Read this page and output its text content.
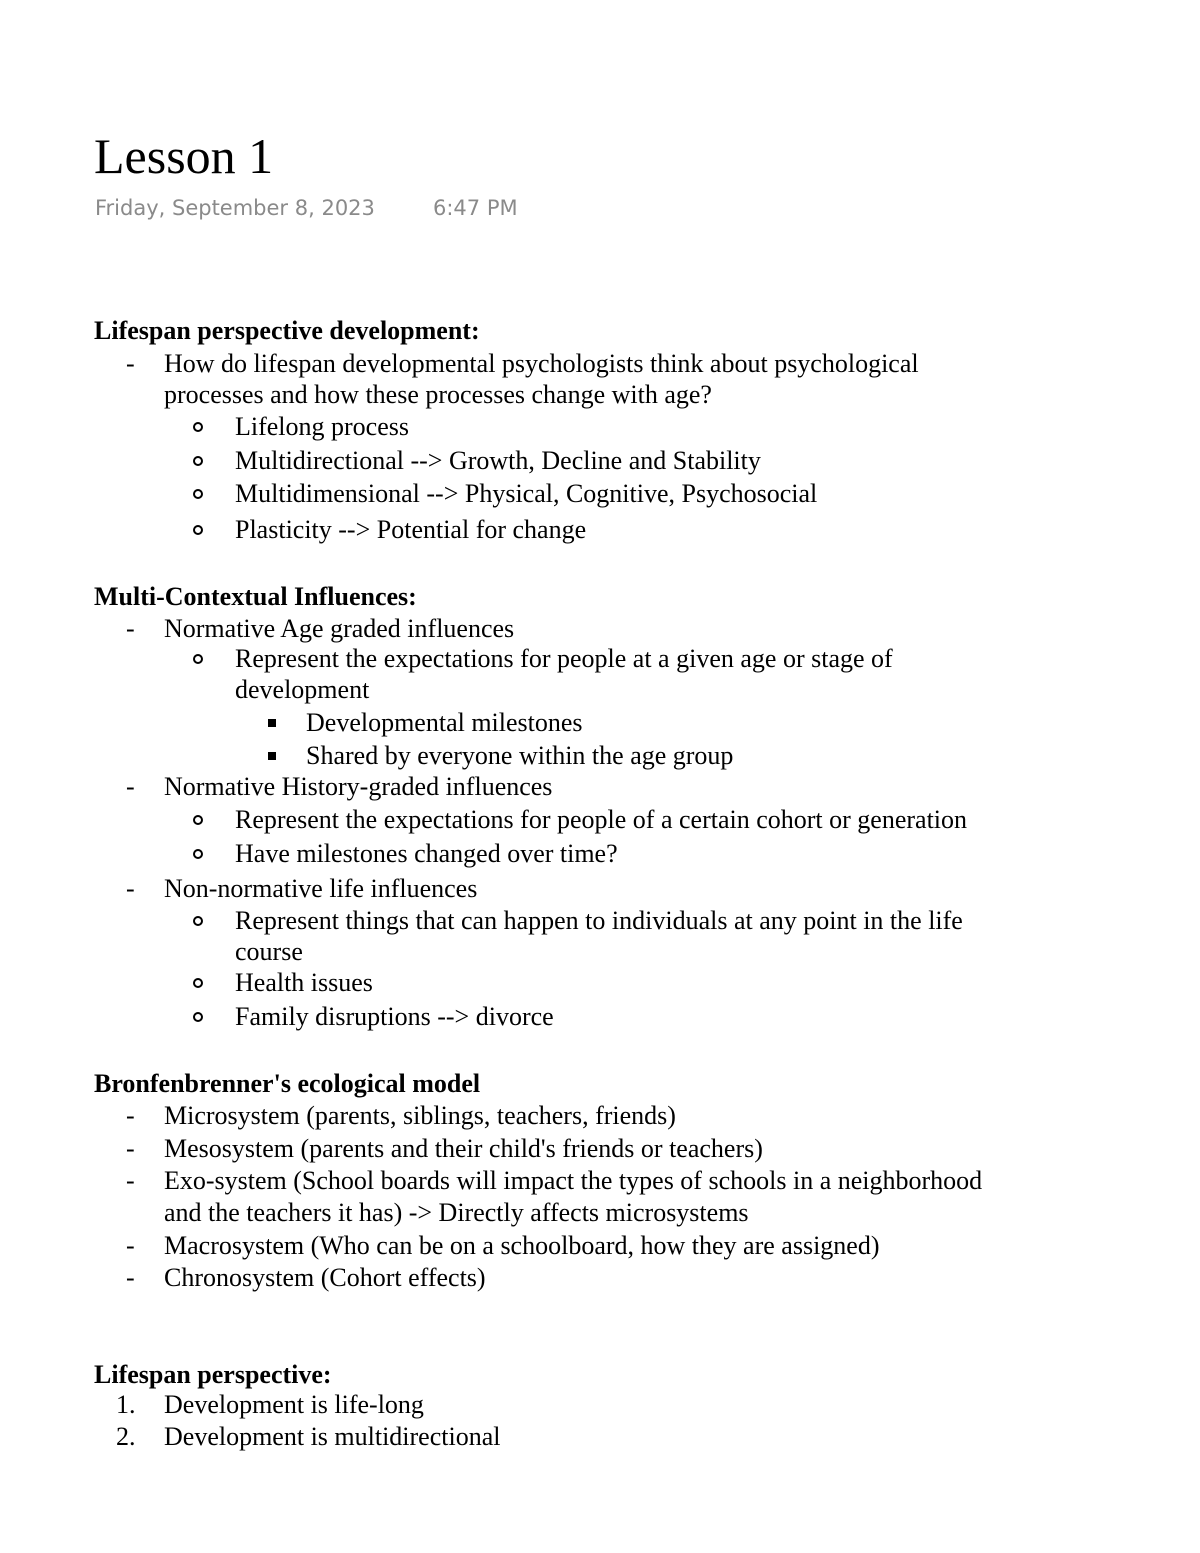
Lesson 1
Friday, September 8, 2023	6:47 PM
Lifespan perspective development:
- How do lifespan developmental psychologists think about psychological
processes and how these processes change with age?
Lifelong process
Multidirectional --> Growth, Decline and Stability
Multidimensional --> Physical, Cognitive, Psychosocial
Plasticity --> Potential for change
Multi-Contextual Influences:
- Normative Age graded influences
Represent the expectations for people at a given age or stage of
development
Developmental milestones
Shared by everyone within the age group
- Normative History-graded influences
Represent the expectations for people of a certain cohort or generation
Have milestones changed over time?
- Non-normative life influences
Represent things that can happen to individuals at any point in the life
course
Health issues
Family disruptions --> divorce
Bronfenbrenner's ecological model
- Microsystem (parents, siblings, teachers, friends)
- Mesosystem (parents and their child's friends or teachers)
- Exo-system (School boards will impact the types of schools in a neighborhood
and the teachers it has) -> Directly affects microsystems
- Macrosystem (Who can be on a schoolboard, how they are assigned)
- Chronosystem (Cohort effects)
Lifespan perspective:
1. Development is life-long
2. Development is multidirectional
